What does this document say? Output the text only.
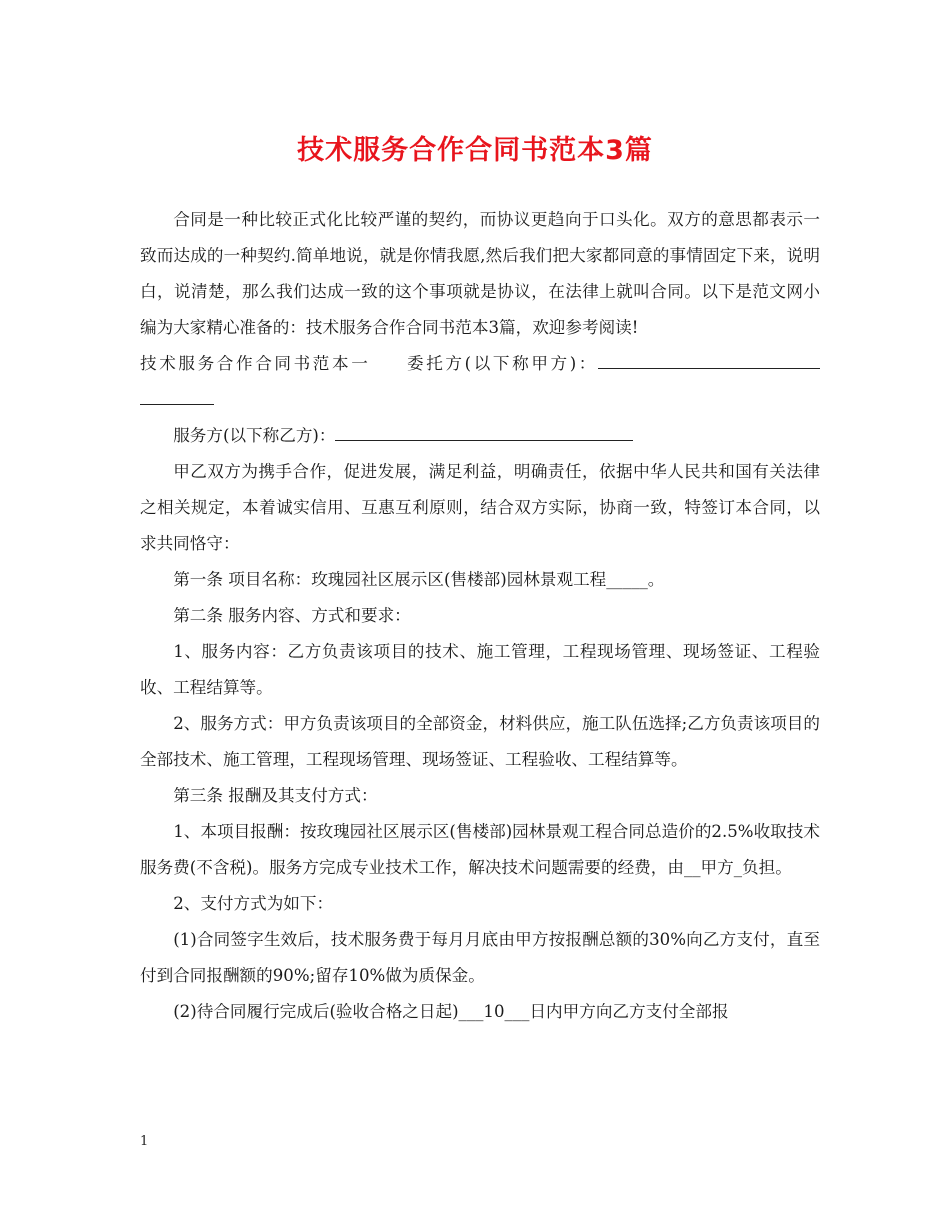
技术服务合作合同书范本3篇

合同是一种比较正式化比较严谨的契约，而协议更趋向于口头化。双方的意思都表示一致而达成的一种契约.简单地说，就是你情我愿,然后我们把大家都同意的事情固定下来，说明白，说清楚，那么我们达成一致的这个事项就是协议，在法律上就叫合同。以下是范文网小编为大家精心准备的：技术服务合作合同书范本3篇，欢迎参考阅读!

技术服务合作合同书范本一 委托方(以下称甲方)：

服务方(以下称乙方)：

甲乙双方为携手合作，促进发展，满足利益，明确责任，依据中华人民共和国有关法律之相关规定，本着诚实信用、互惠互利原则，结合双方实际，协商一致，特签订本合同，以求共同恪守：

第一条 项目名称：玫瑰园社区展示区(售楼部)园林景观工程_____。

第二条 服务内容、方式和要求：

1、服务内容：乙方负责该项目的技术、施工管理，工程现场管理、现场签证、工程验收、工程结算等。

2、服务方式：甲方负责该项目的全部资金，材料供应，施工队伍选择;乙方负责该项目的全部技术、施工管理，工程现场管理、现场签证、工程验收、工程结算等。

第三条 报酬及其支付方式：

1、本项目报酬：按玫瑰园社区展示区(售楼部)园林景观工程合同总造价的2.5%收取技术服务费(不含税)。服务方完成专业技术工作，解决技术问题需要的经费，由__甲方_负担。

2、支付方式为如下：

(1)合同签字生效后，技术服务费于每月月底由甲方按报酬总额的30%向乙方支付，直至付到合同报酬额的90%;留存10%做为质保金。

(2)待合同履行完成后(验收合格之日起)___10___日内甲方向乙方支付全部报

1
